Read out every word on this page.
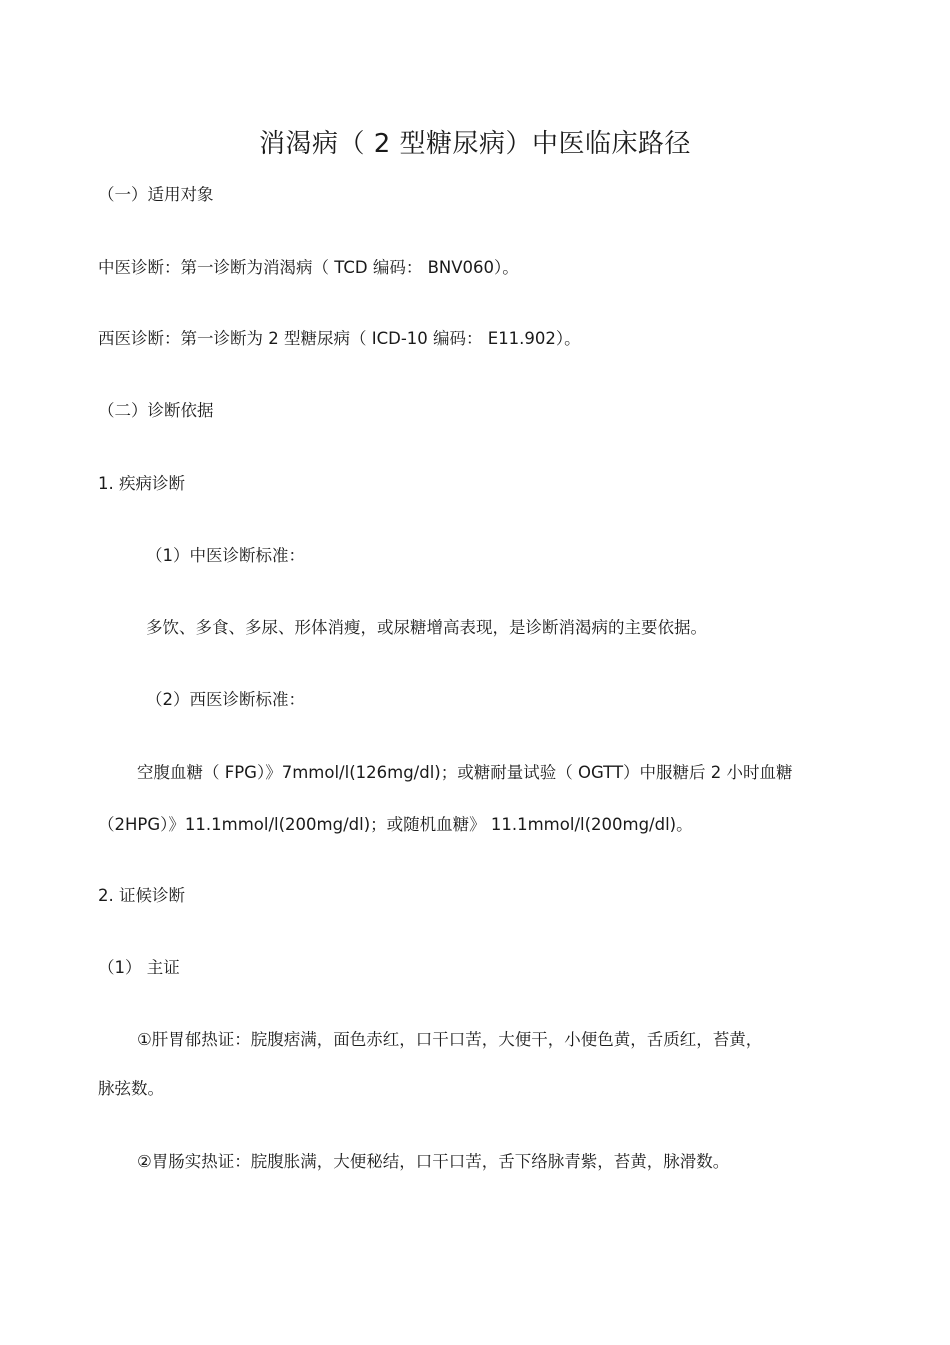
消渴病（ 2 型糖尿病）中医临床路径
（一）适用对象
中医诊断：第一诊断为消渴病（ TCD 编码： BNV060）。
西医诊断：第一诊断为 2 型糖尿病（ ICD-10 编码： E11.902）。
（二）诊断依据
1. 疾病诊断
（1）中医诊断标准：
多饮、多食、多尿、形体消瘦，或尿糖增高表现，是诊断消渴病的主要依据。
（2）西医诊断标准：
空腹血糖（ FPG）》7mmol/l(126mg/dl)；或糖耐量试验（ OGTT）中服糖后 2 小时血糖
（2HPG）》11.1mmol/l(200mg/dl)；或随机血糖》 11.1mmol/l(200mg/dl)。
2. 证候诊断
（1） 主证
①肝胃郁热证：脘腹痞满，面色赤红，口干口苦，大便干，小便色黄，舌质红，苔黄，
脉弦数。
②胃肠实热证：脘腹胀满，大便秘结，口干口苦，舌下络脉青紫，苔黄，脉滑数。
